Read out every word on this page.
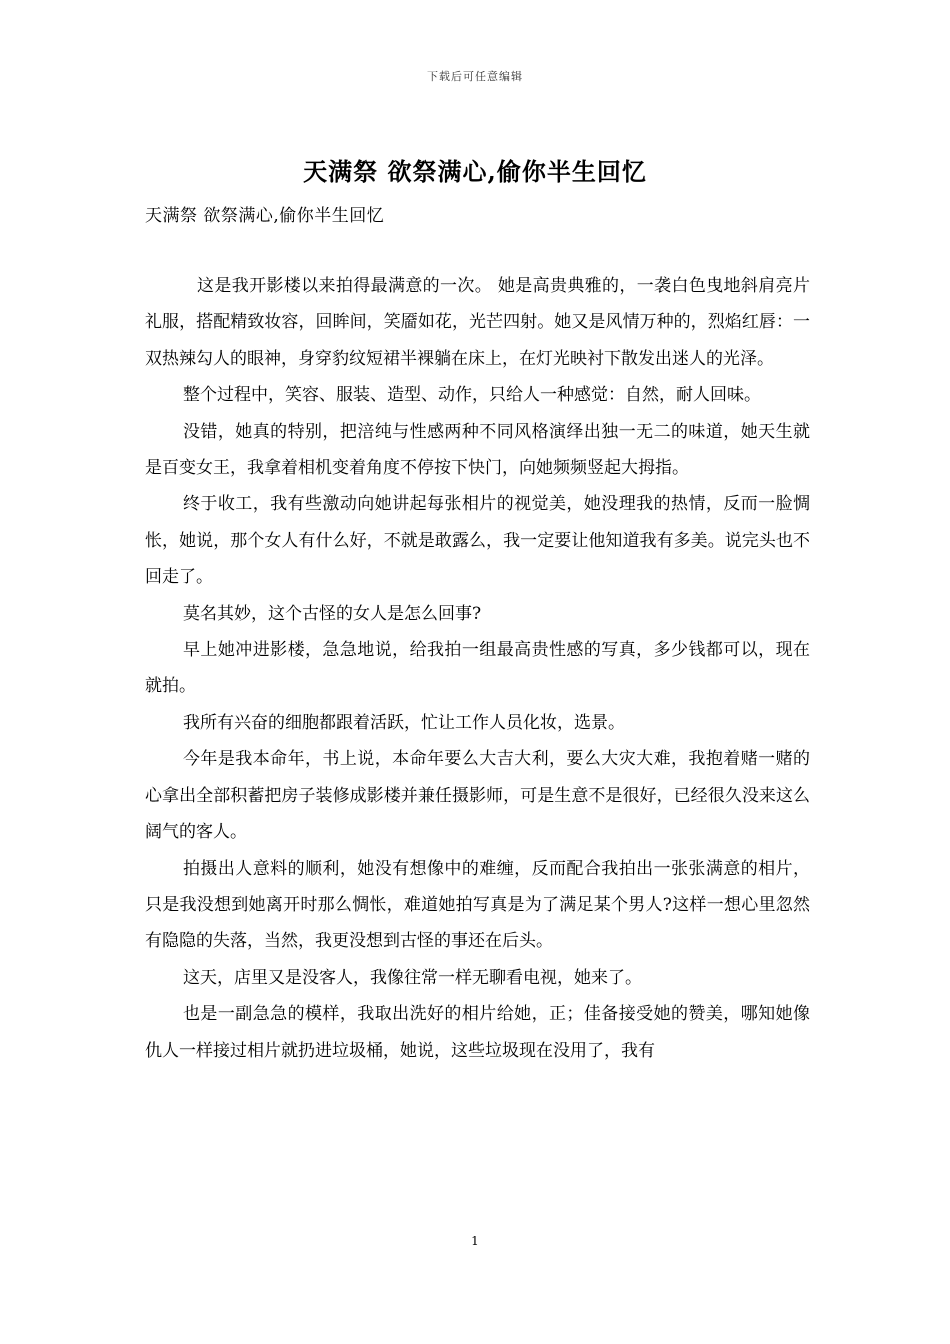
下载后可任意编辑
天满祭 欲祭满心,偷你半生回忆
天满祭 欲祭满心,偷你半生回忆

这是我开影楼以来拍得最满意的一次。 她是高贵典雅的，一袭白色曳地斜肩亮片礼服，搭配精致妆容，回眸间，笑靥如花，光芒四射。她又是风情万种的，烈焰红唇：一双热辣勾人的眼神，身穿豹纹短裙半裸躺在床上，在灯光映衬下散发出迷人的光泽。

整个过程中，笑容、服装、造型、动作，只给人一种感觉：自然，耐人回味。

没错，她真的特别，把涪纯与性感两种不同风格演绎出独一无二的味道，她天生就是百变女王，我拿着相机变着角度不停按下快门，向她频频竖起大拇指。

终于收工，我有些激动向她讲起每张相片的视觉美，她没理我的热情，反而一脸惆怅，她说，那个女人有什么好，不就是敢露么，我一定要让他知道我有多美。说完头也不回走了。

莫名其妙，这个古怪的女人是怎么回事?

早上她冲进影楼，急急地说，给我拍一组最高贵性感的写真，多少钱都可以，现在就拍。

我所有兴奋的细胞都跟着活跃，忙让工作人员化妆，选景。

今年是我本命年，书上说，本命年要么大吉大利，要么大灾大难，我抱着赌一赌的心拿出全部积蓄把房子装修成影楼并兼任摄影师，可是生意不是很好，已经很久没来这么阔气的客人。

拍摄出人意料的顺利，她没有想像中的难缠，反而配合我拍出一张张满意的相片，只是我没想到她离开时那么惆怅，难道她拍写真是为了满足某个男人?这样一想心里忽然有隐隐的失落，当然，我更没想到古怪的事还在后头。

这天，店里又是没客人，我像往常一样无聊看电视，她来了。

也是一副急急的模样，我取出洗好的相片给她，正；佳备接受她的赞美，哪知她像仇人一样接过相片就扔进垃圾桶，她说，这些垃圾现在没用了，我有

1
